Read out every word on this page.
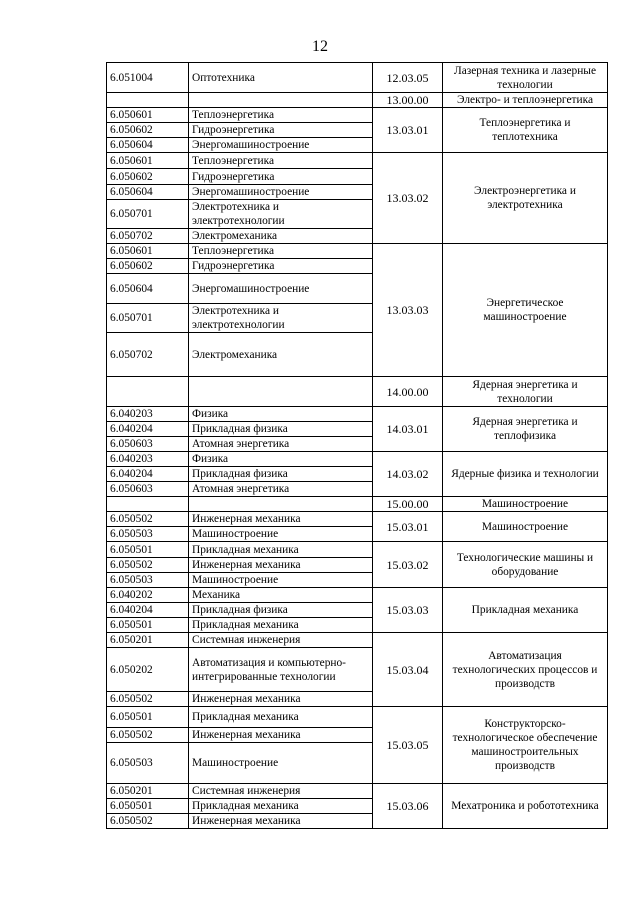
12
6.051004	Оптотехника	12.03.05	Лазерная техника и лазерные технологии
		13.00.00	Электро- и теплоэнергетика
6.050601	Теплоэнергетика	13.03.01	Теплоэнергетика и теплотехника
6.050602	Гидроэнергетика		
6.050604	Энергомашиностроение		
6.050601	Теплоэнергетика	13.03.02	Электроэнергетика и электротехника
6.050602	Гидроэнергетика		
6.050604	Энергомашиностроение		
6.050701	Электротехника и электротехнологии		
6.050702	Электромеханика		
6.050601	Теплоэнергетика	13.03.03	Энергетическое машиностроение
6.050602	Гидроэнергетика		
6.050604	Энергомашиностроение		
6.050701	Электротехника и электротехнологии		
6.050702	Электромеханика		
		14.00.00	Ядерная энергетика и технологии
6.040203	Физика	14.03.01	Ядерная энергетика и теплофизика
6.040204	Прикладная физика		
6.050603	Атомная энергетика		
6.040203	Физика	14.03.02	Ядерные физика и технологии
6.040204	Прикладная физика		
6.050603	Атомная энергетика		
		15.00.00	Машиностроение
6.050502	Инженерная механика	15.03.01	Машиностроение
6.050503	Машиностроение		
6.050501	Прикладная механика	15.03.02	Технологические машины и оборудование
6.050502	Инженерная механика		
6.050503	Машиностроение		
6.040202	Механика	15.03.03	Прикладная механика
6.040204	Прикладная физика		
6.050501	Прикладная механика		
6.050201	Системная инженерия	15.03.04	Автоматизация технологических процессов и производств
6.050202	Автоматизация и компьютерно-интегрированные технологии		
6.050502	Инженерная механика		
6.050501	Прикладная механика	15.03.05	Конструкторско-технологическое обеспечение машиностроительных производств
6.050502	Инженерная механика		
6.050503	Машиностроение		
6.050201	Системная инженерия	15.03.06	Мехатроника и робототехника
6.050501	Прикладная механика		
6.050502	Инженерная механика		
